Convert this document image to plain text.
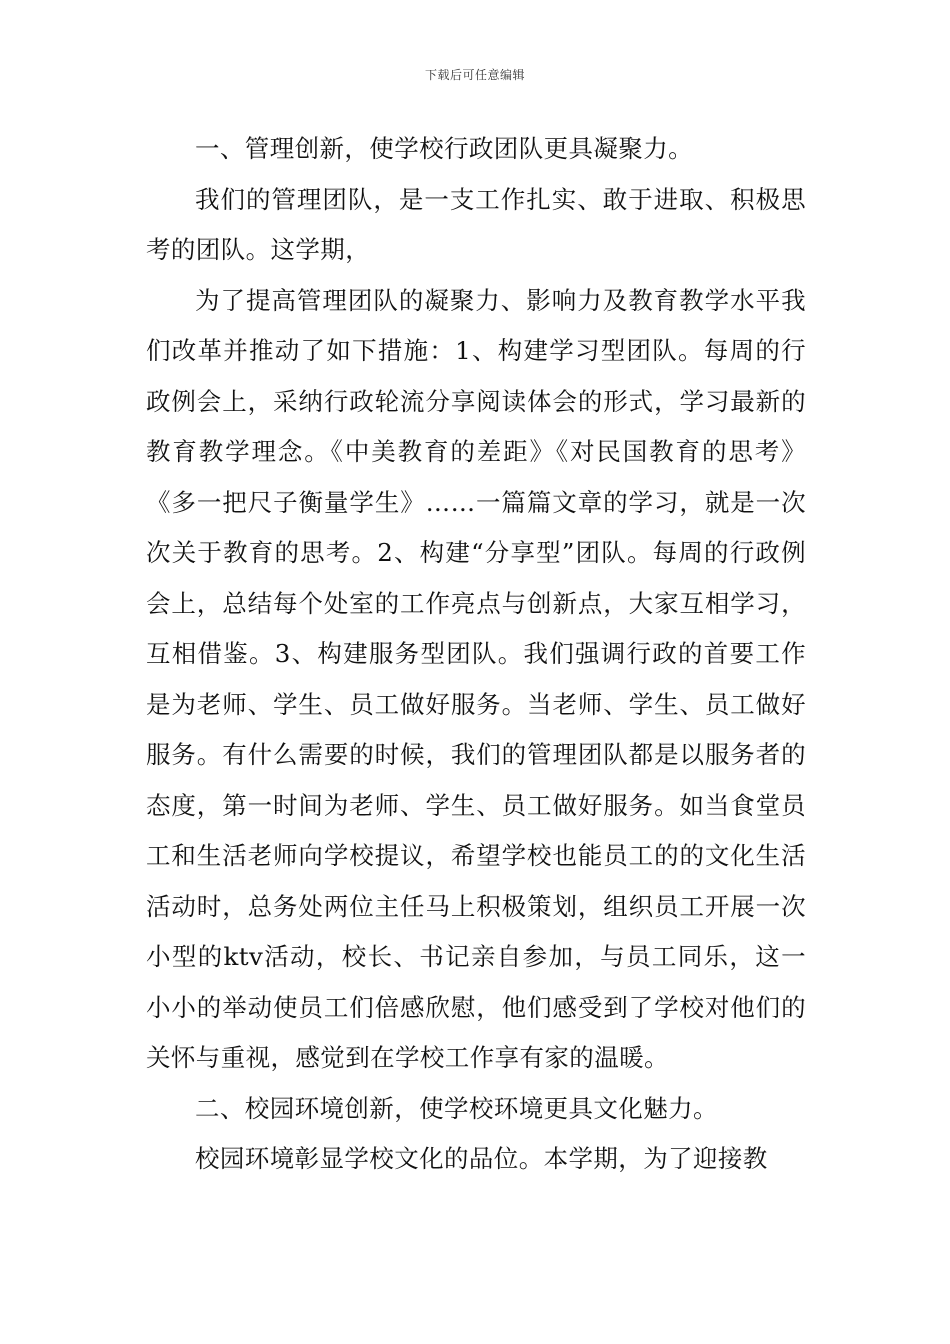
下载后可任意编辑

一、管理创新，使学校行政团队更具凝聚力。

我们的管理团队，是一支工作扎实、敢于进取、积极思考的团队。这学期，

为了提高管理团队的凝聚力、影响力及教育教学水平我们改革并推动了如下措施：1、构建学习型团队。每周的行政例会上，采纳行政轮流分享阅读体会的形式，学习最新的教育教学理念。《中美教育的差距》《对民国教育的思考》《多一把尺子衡量学生》……一篇篇文章的学习，就是一次次关于教育的思考。2、构建“分享型”团队。每周的行政例会上，总结每个处室的工作亮点与创新点，大家互相学习，互相借鉴。3、构建服务型团队。我们强调行政的首要工作是为老师、学生、员工做好服务。当老师、学生、员工做好服务。有什么需要的时候，我们的管理团队都是以服务者的态度，第一时间为老师、学生、员工做好服务。如当食堂员工和生活老师向学校提议，希望学校也能员工的的文化生活活动时，总务处两位主任马上积极策划，组织员工开展一次小型的ktv活动，校长、书记亲自参加，与员工同乐，这一小小的举动使员工们倍感欣慰，他们感受到了学校对他们的关怀与重视，感觉到在学校工作享有家的温暖。

二、校园环境创新，使学校环境更具文化魅力。

校园环境彰显学校文化的品位。本学期，为了迎接教
